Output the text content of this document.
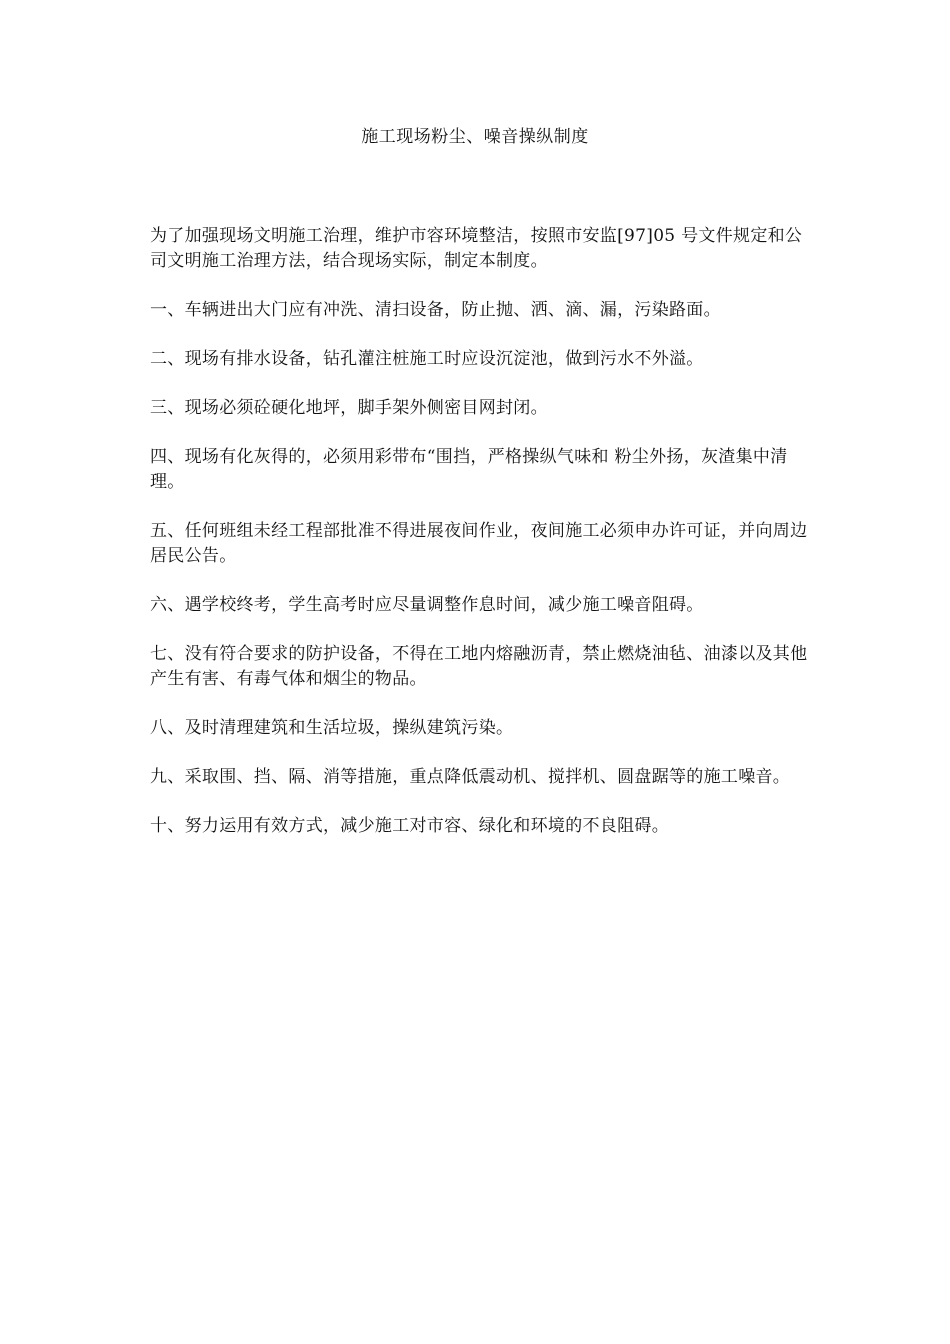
施工现场粉尘、噪音操纵制度

为了加强现场文明施工治理，维护市容环境整洁，按照市安监[97]05 号文件规定和公司文明施工治理方法，结合现场实际，制定本制度。

一、车辆进出大门应有冲洗、清扫设备，防止抛、洒、滴、漏，污染路面。

二、现场有排水设备，钻孔灌注桩施工时应设沉淀池，做到污水不外溢。

三、现场必须砼硬化地坪，脚手架外侧密目网封闭。

四、现场有化灰得的，必须用彩带布“围挡，严格操纵气味和 粉尘外扬，灰渣集中清理。

五、任何班组未经工程部批准不得进展夜间作业，夜间施工必须申办许可证，并向周边居民公告。

六、遇学校终考，学生高考时应尽量调整作息时间，减少施工噪音阻碍。

七、没有符合要求的防护设备，不得在工地内熔融沥青，禁止燃烧油毡、油漆以及其他产生有害、有毒气体和烟尘的物品。

八、及时清理建筑和生活垃圾，操纵建筑污染。

九、采取围、挡、隔、消等措施，重点降低震动机、搅拌机、圆盘踞等的施工噪音。

十、努力运用有效方式，减少施工对市容、绿化和环境的不良阻碍。
